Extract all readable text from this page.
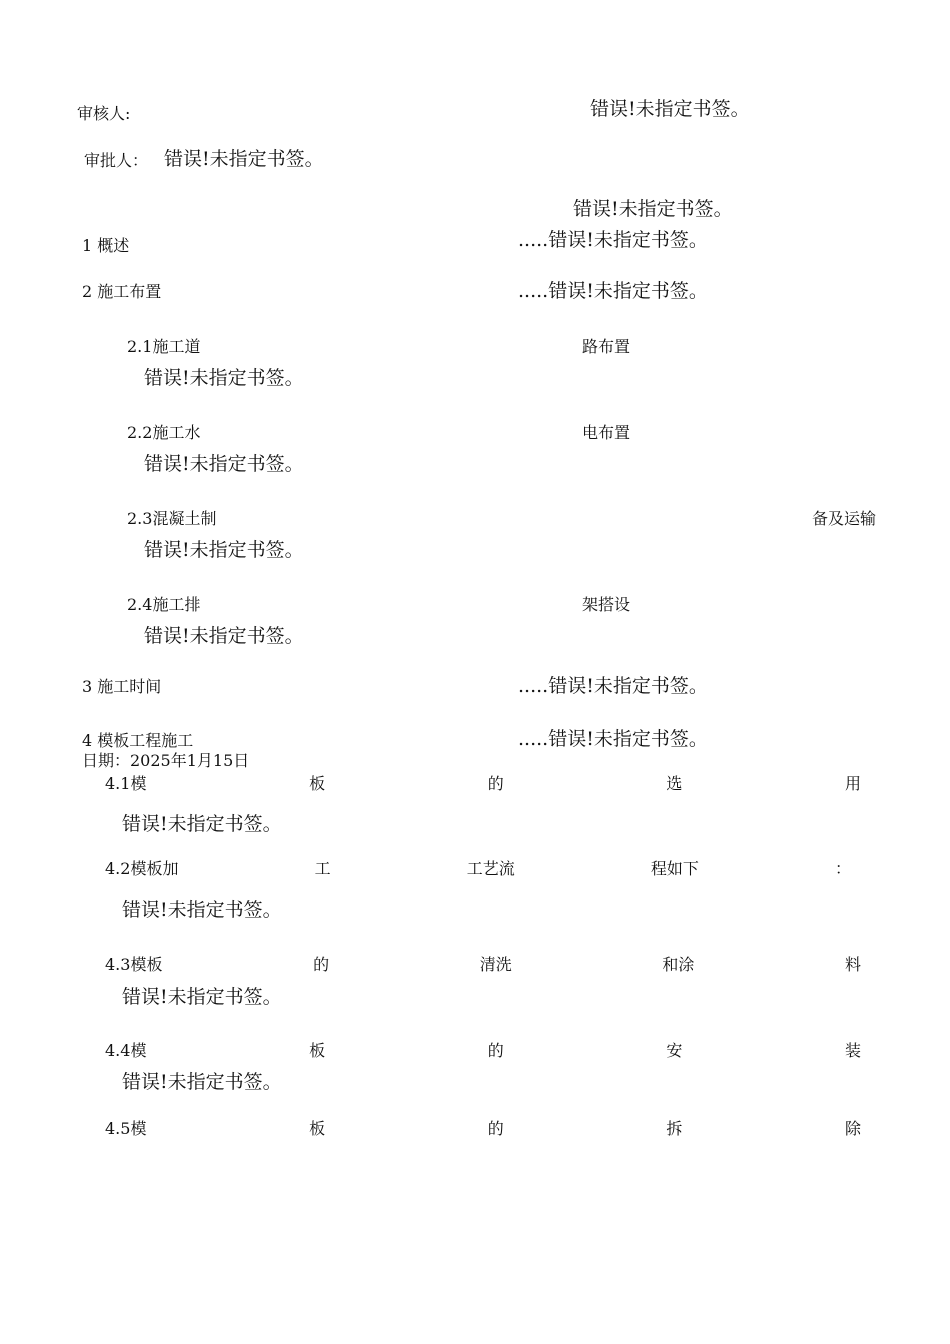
审核人:	错误!未指定书签。
审批人： 错误!未指定书签。
错误!未指定书签。
1 概述	.....错误!未指定书签。
2 施工布置	.....错误!未指定书签。
2.1施工道	路布置
错误!未指定书签。
2.2施工水	电布置
错误!未指定书签。
2.3混凝土制	备及运输
错误!未指定书签。
2.4施工排	架搭设
错误!未指定书签。
3 施工时间	.....错误!未指定书签。
4 模板工程施工	.....错误!未指定书签。
日期：2025年1月15日
4.1模	板	的	选	用
错误!未指定书签。
4.2模板加	工	工艺流	程如下	：
错误!未指定书签。
4.3模板	的	清洗	和涂	料
错误!未指定书签。
4.4模	板	的	安	装
错误!未指定书签。
4.5模	板	的	拆	除
